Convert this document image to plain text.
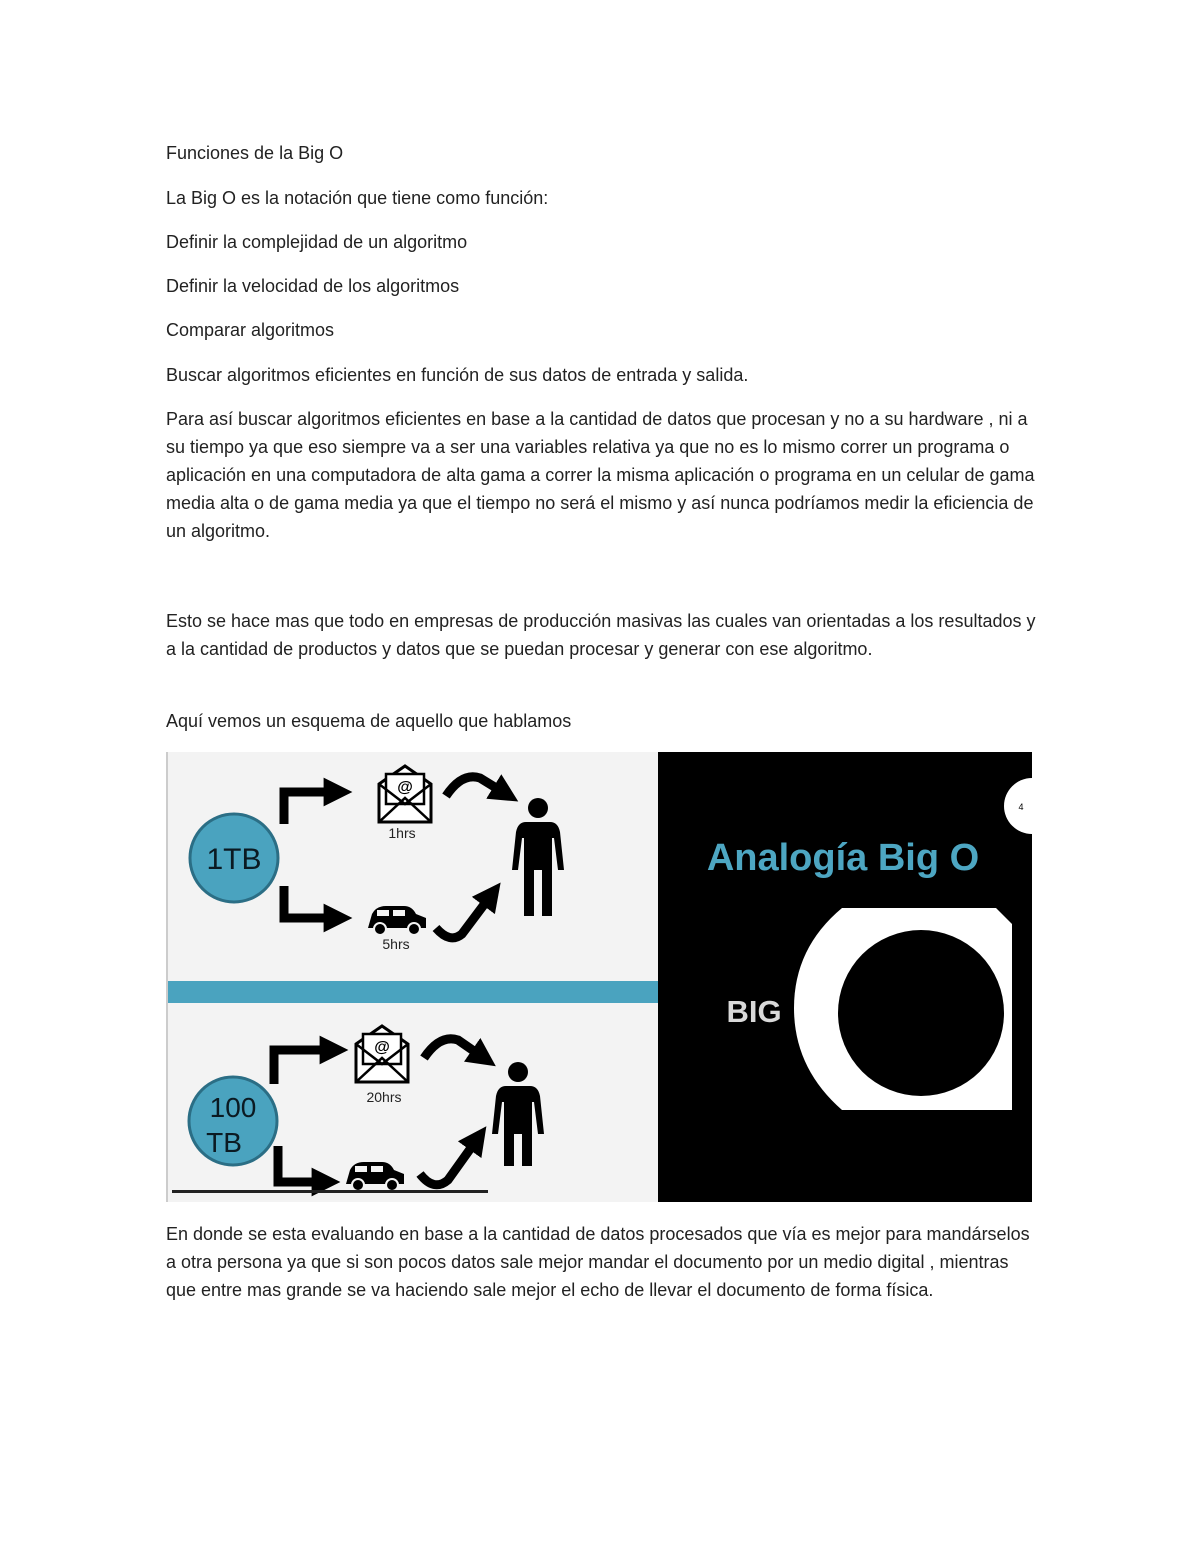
Funciones de la Big O

La Big O es la notación que tiene como función:

Definir la complejidad de un algoritmo

Definir la velocidad de los algoritmos

Comparar algoritmos

Buscar algoritmos eficientes en función de sus datos de entrada y salida.

Para así buscar algoritmos eficientes en base a la cantidad de datos que procesan y no a su hardware , ni a su tiempo ya que eso siempre va a ser una variables relativa ya que no es lo mismo correr un programa o aplicación en una computadora de alta gama a correr la misma aplicación o programa en un celular de gama media alta o de gama media ya que el tiempo no será el mismo y así nunca podríamos medir la eficiencia de un algoritmo.

Esto se hace mas que todo en empresas de producción masivas las cuales van orientadas a los resultados y a la cantidad de productos y datos que se puedan procesar y generar con ese algoritmo.

Aquí vemos un esquema de aquello que hablamos

1TB
@
1hrs
5hrs
100
TB
@
20hrs
4
Analogía Big O
BIG

En donde se esta evaluando en base a la cantidad de datos procesados que vía es mejor para mandárselos a otra persona ya que si son pocos datos sale mejor mandar el documento por un medio digital , mientras que entre mas grande se va haciendo sale mejor el echo de llevar el documento de forma física.
